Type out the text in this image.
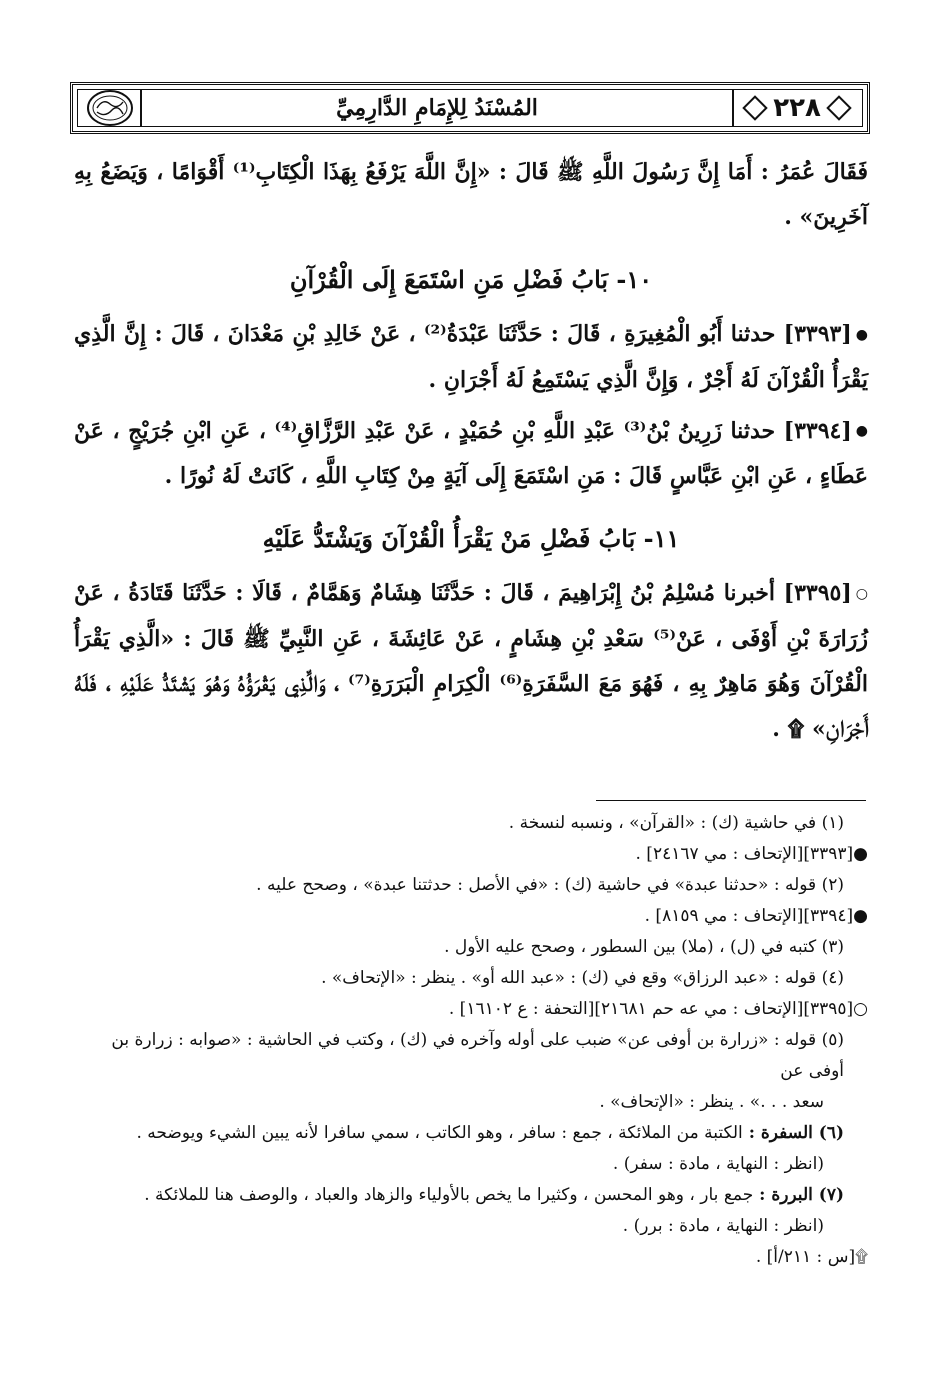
المُسْنَدُ لِلإِمَامِ الدَّارِمِيِّ	٢٢٨

فَقَالَ عُمَرُ : أَمَا إِنَّ رَسُولَ اللَّهِ ﷺ قَالَ : «إِنَّ اللَّهَ يَرْفَعُ بِهَذَا الْكِتَابِ⁽¹⁾ أَقْوَامًا ، وَيَضَعُ بِهِ آخَرِينَ» .

١٠- بَابُ فَضْلِ مَنِ اسْتَمَعَ إِلَى الْقُرْآنِ

●[٣٣٩٣] حدثنا أَبُو الْمُغِيرَةِ ، قَالَ : حَدَّثَنَا عَبْدَةُ⁽²⁾ ، عَنْ خَالِدِ بْنِ مَعْدَانَ ، قَالَ : إِنَّ الَّذِي يَقْرَأُ الْقُرْآنَ لَهُ أَجْرٌ ، وَإِنَّ الَّذِي يَسْتَمِعُ لَهُ أَجْرَانِ .

●[٣٣٩٤] حدثنا زَرِينُ بْنُ⁽³⁾ عَبْدِ اللَّهِ بْنِ حُمَيْدٍ ، عَنْ عَبْدِ الرَّزَّاقِ⁽⁴⁾ ، عَنِ ابْنِ جُرَيْجٍ ، عَنْ عَطَاءٍ ، عَنِ ابْنِ عَبَّاسٍ قَالَ : مَنِ اسْتَمَعَ إِلَى آيَةٍ مِنْ كِتَابِ اللَّهِ ، كَانَتْ لَهُ نُورًا .

١١- بَابُ فَضْلِ مَنْ يَقْرَأُ الْقُرْآنَ وَيَشْتَدُّ عَلَيْهِ

○[٣٣٩٥] أخبرنا مُسْلِمُ بْنُ إِبْرَاهِيمَ ، قَالَ : حَدَّثَنَا هِشَامٌ وَهَمَّامٌ ، قَالَا : حَدَّثَنَا قَتَادَةُ ، عَنْ زُرَارَةَ بْنِ أَوْفَى ، عَنْ⁽⁵⁾ سَعْدِ بْنِ هِشَامٍ ، عَنْ عَائِشَةَ ، عَنِ النَّبِيِّ ﷺ قَالَ : «الَّذِي يَقْرَأُ الْقُرْآنَ وَهُوَ مَاهِرٌ بِهِ ، فَهُوَ مَعَ السَّفَرَةِ⁽⁶⁾ الْكِرَامِ الْبَرَرَةِ⁽⁷⁾ ، وَالَّذِي يَقْرَؤُهُ وَهُوَ يَشْتَدُّ عَلَيْهِ ، فَلَهُ أَجْرَانِ» ۩ .

(١) في حاشية (ك) : «القرآن» ، ونسبه لنسخة .

●[٣٣٩٣][الإتحاف : مي ٢٤١٦٧] .

(٢) قوله : «حدثنا عبدة» في حاشية (ك) : «في الأصل : حدثتنا عبدة» ، وصحح عليه .

●[٣٣٩٤][الإتحاف : مي ٨١٥٩] .

(٣) كتبه في (ل) ، (ملا) بين السطور ، وصحح عليه الأول .

(٤) قوله : «عبد الرزاق» وقع في (ك) : «عبد الله أو» . ينظر : «الإتحاف» .

○[٣٣٩٥][الإتحاف : مي عه حم ٢١٦٨١][التحفة : ع ١٦١٠٢] .

(٥) قوله : «زرارة بن أوفى عن» ضبب على أوله وآخره في (ك) ، وكتب في الحاشية : «صوابه : زرارة بن أوفى عن

سعد . . .» . ينظر : «الإتحاف» .

(٦) السفرة : الكتبة من الملائكة ، جمع : سافر ، وهو الكاتب ، سمي سافرا لأنه يبين الشيء ويوضحه .

(انظر : النهاية ، مادة : سفر) .

(٧) البررة : جمع بار ، وهو المحسن ، وكثيرا ما يخص بالأولياء والزهاد والعباد ، والوصف هنا للملائكة .

(انظر : النهاية ، مادة : برر) .

۩[س : ٢١١/أ] .
